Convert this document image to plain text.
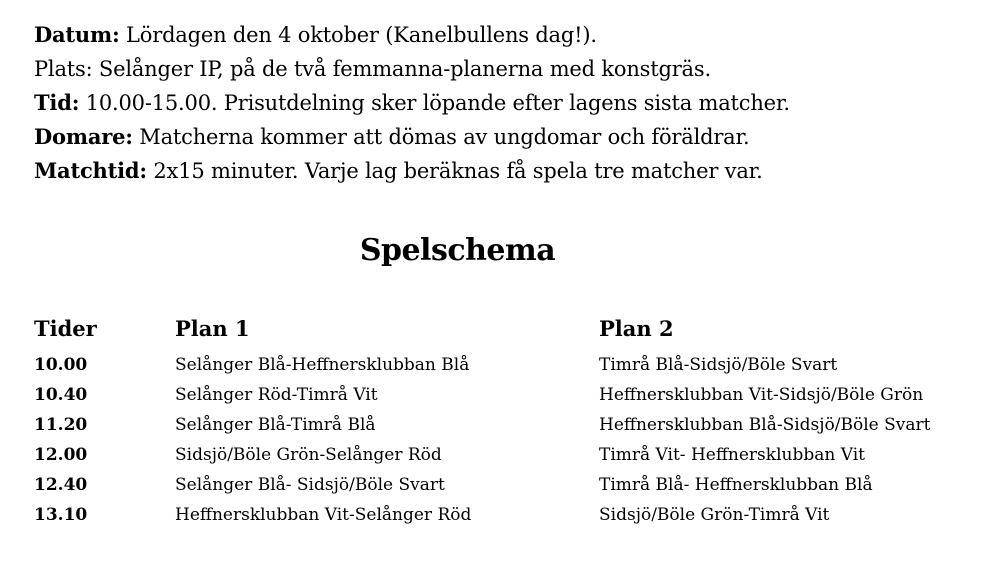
Datum: Lördagen den 4 oktober (Kanelbullens dag!).
Plats: Selånger IP, på de två femmanna-planerna med konstgräs.
Tid: 10.00-15.00. Prisutdelning sker löpande efter lagens sista matcher.
Domare: Matcherna kommer att dömas av ungdomar och föräldrar.
Matchtid: 2x15 minuter. Varje lag beräknas få spela tre matcher var.
Spelschema
Tider	Plan 1	Plan 2
10.00	Selånger Blå-Heffnersklubban Blå	Timrå Blå-Sidsjö/Böle Svart
10.40	Selånger Röd-Timrå Vit	Heffnersklubban Vit-Sidsjö/Böle Grön
11.20	Selånger Blå-Timrå Blå	Heffnersklubban Blå-Sidsjö/Böle Svart
12.00	Sidsjö/Böle Grön-Selånger Röd	Timrå Vit- Heffnersklubban Vit
12.40	Selånger Blå- Sidsjö/Böle Svart	Timrå Blå- Heffnersklubban Blå
13.10	Heffnersklubban Vit-Selånger Röd	Sidsjö/Böle Grön-Timrå Vit
